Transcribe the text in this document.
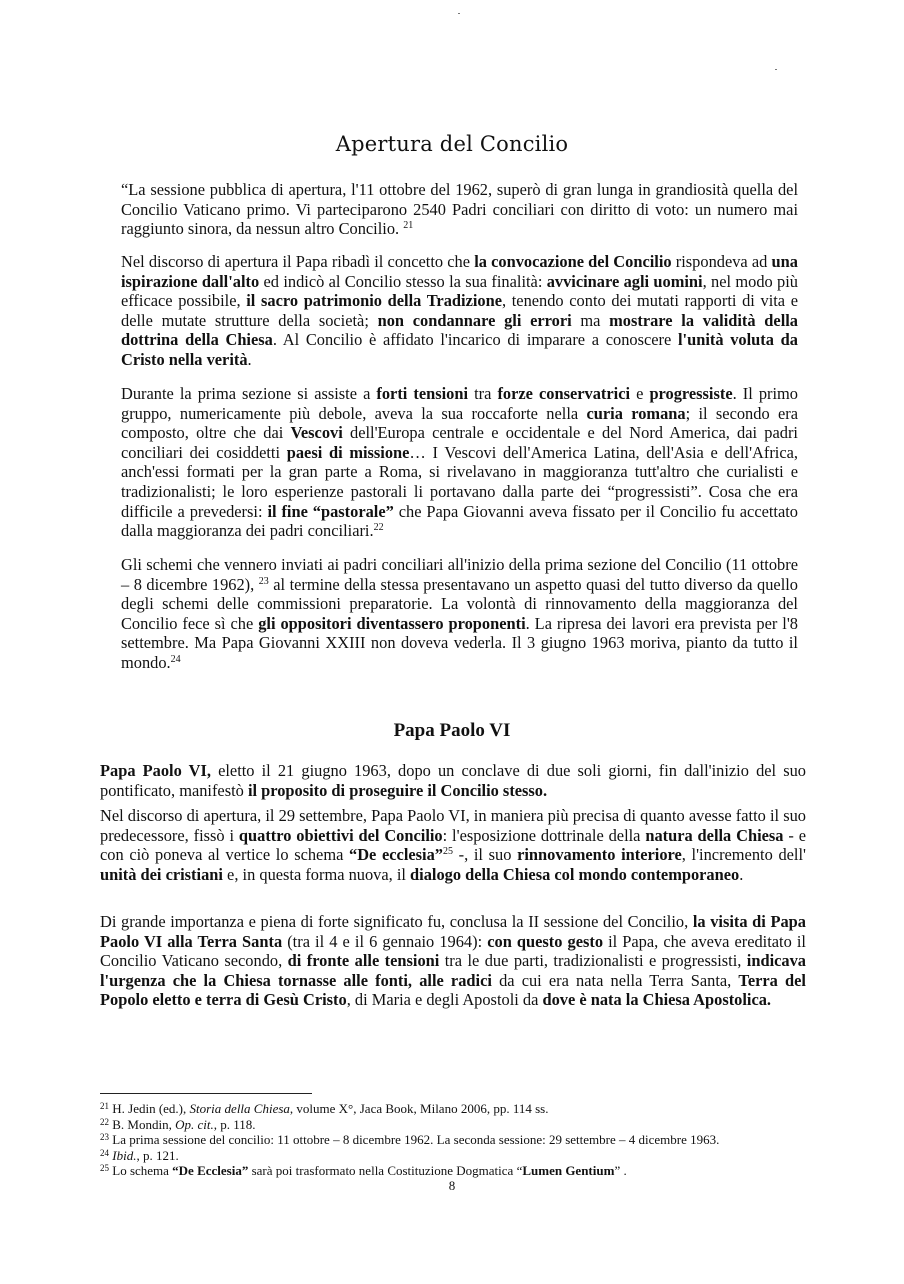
Apertura del Concilio

“La sessione pubblica di apertura, l'11 ottobre del 1962, superò di gran lunga in grandiosità quella del Concilio Vaticano primo. Vi parteciparono 2540 Padri conciliari con diritto di voto: un numero mai raggiunto sinora, da nessun altro Concilio. $^{21}$

Nel discorso di apertura il Papa ribadì il concetto che la convocazione del Concilio rispondeva ad una ispirazione dall'alto ed indicò al Concilio stesso la sua finalità: avvicinare agli uomini, nel modo più efficace possibile, il sacro patrimonio della Tradizione, tenendo conto dei mutati rapporti di vita e delle mutate strutture della società; non condannare gli errori ma mostrare la validità della dottrina della Chiesa. Al Concilio è affidato l'incarico di imparare a conoscere l'unità voluta da Cristo nella verità.

Durante la prima sezione si assiste a forti tensioni tra forze conservatrici e progressiste. Il primo gruppo, numericamente più debole, aveva la sua roccaforte nella curia romana; il secondo era composto, oltre che dai Vescovi dell'Europa centrale e occidentale e del Nord America, dai padri conciliari dei cosiddetti paesi di missione… I Vescovi dell'America Latina, dell'Asia e dell'Africa, anch'essi formati per la gran parte a Roma, si rivelavano in maggioranza tutt'altro che curialisti e tradizionalisti; le loro esperienze pastorali li portavano dalla parte dei “progressisti”. Cosa che era difficile a prevedersi: il fine “pastorale” che Papa Giovanni aveva fissato per il Concilio fu accettato dalla maggioranza dei padri conciliari.$^{22}$

Gli schemi che vennero inviati ai padri conciliari all'inizio della prima sezione del Concilio (11 ottobre – 8 dicembre 1962), $^{23}$ al termine della stessa presentavano un aspetto quasi del tutto diverso da quello degli schemi delle commissioni preparatorie. La volontà di rinnovamento della maggioranza del Concilio fece sì che gli oppositori diventassero proponenti. La ripresa dei lavori era prevista per l'8 settembre. Ma Papa Giovanni XXIII non doveva vederla. Il 3 giugno 1963 moriva, pianto da tutto il mondo.$^{24}$

Papa Paolo VI

Papa Paolo VI, eletto il 21 giugno 1963, dopo un conclave di due soli giorni, fin dall'inizio del suo pontificato, manifestò il proposito di proseguire il Concilio stesso.

Nel discorso di apertura, il 29 settembre, Papa Paolo VI, in maniera più precisa di quanto avesse fatto il suo predecessore, fissò i quattro obiettivi del Concilio: l'esposizione dottrinale della natura della Chiesa - e con ciò poneva al vertice lo schema “De ecclesia”$^{25}$ -, il suo rinnovamento interiore, l'incremento dell' unità dei cristiani e, in questa forma nuova, il dialogo della Chiesa col mondo contemporaneo.

Di grande importanza e piena di forte significato fu, conclusa la II sessione del Concilio, la visita di Papa Paolo VI alla Terra Santa (tra il 4 e il 6 gennaio 1964): con questo gesto il Papa, che aveva ereditato il Concilio Vaticano secondo, di fronte alle tensioni tra le due parti, tradizionalisti e progressisti, indicava l'urgenza che la Chiesa tornasse alle fonti, alle radici da cui era nata nella Terra Santa, Terra del Popolo eletto e terra di Gesù Cristo, di Maria e degli Apostoli da dove è nata la Chiesa Apostolica.

$^{21}$ H. Jedin (ed.), Storia della Chiesa, volume X°, Jaca Book, Milano 2006, pp. 114 ss.
$^{22}$ B. Mondin, Op. cit., p. 118.
$^{23}$ La prima sessione del concilio: 11 ottobre – 8 dicembre 1962. La seconda sessione: 29 settembre – 4 dicembre 1963.
$^{24}$ Ibid., p. 121.
$^{25}$ Lo schema “De Ecclesia” sarà poi trasformato nella Costituzione Dogmatica “Lumen Gentium” .
8
